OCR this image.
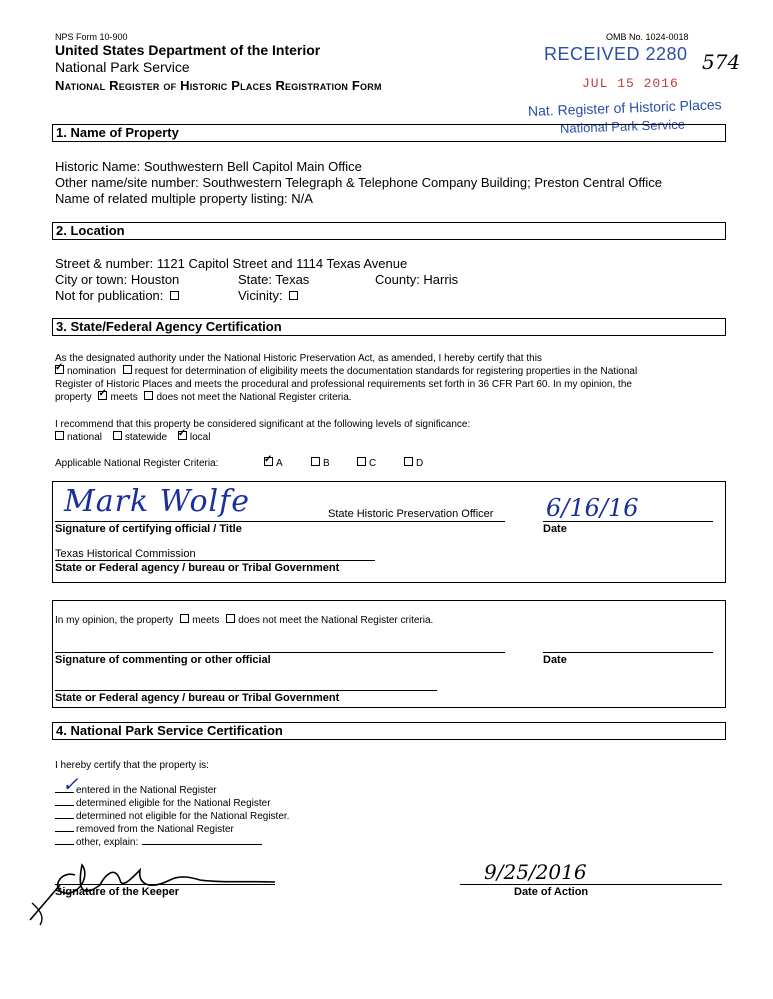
NPS Form 10-900	OMB No. 1024-0018
United States Department of the Interior
National Park Service
National Register of Historic Places Registration Form
RECEIVED 2280 574
JUL 15 2016
Nat. Register of Historic Places
National Park Service
1. Name of Property
Historic Name: Southwestern Bell Capitol Main Office
Other name/site number: Southwestern Telegraph & Telephone Company Building; Preston Central Office
Name of related multiple property listing: N/A
2. Location
Street & number: 1121 Capitol Street and 1114 Texas Avenue
City or town: Houston	State: Texas	County: Harris
Not for publication:	Vicinity:
3. State/Federal Agency Certification
As the designated authority under the National Historic Preservation Act, as amended, I hereby certify that this
✓nomination request for determination of eligibility meets the documentation standards for registering properties in the National
Register of Historic Places and meets the procedural and professional requirements set forth in 36 CFR Part 60. In my opinion, the
property ✓ meets does not meet the National Register criteria.
I recommend that this property be considered significant at the following levels of significance:
national statewide ✓ local
Applicable National Register Criteria: ✓	A	B	C	D
Mark Wolfe	State Historic Preservation Officer
Signature of certifying official / Title
6/16/16
Date
Texas Historical Commission
State or Federal agency / bureau or Tribal Government
In my opinion, the property meets does not meet the National Register criteria.
Signature of commenting or other official	Date
State or Federal agency / bureau or Tribal Government
4. National Park Service Certification
I hereby certify that the property is:
✓
entered in the National Register
determined eligible for the National Register
determined not eligible for the National Register.
removed from the National Register
other, explain:
Signature of the Keeper
9/25/2016
Date of Action
